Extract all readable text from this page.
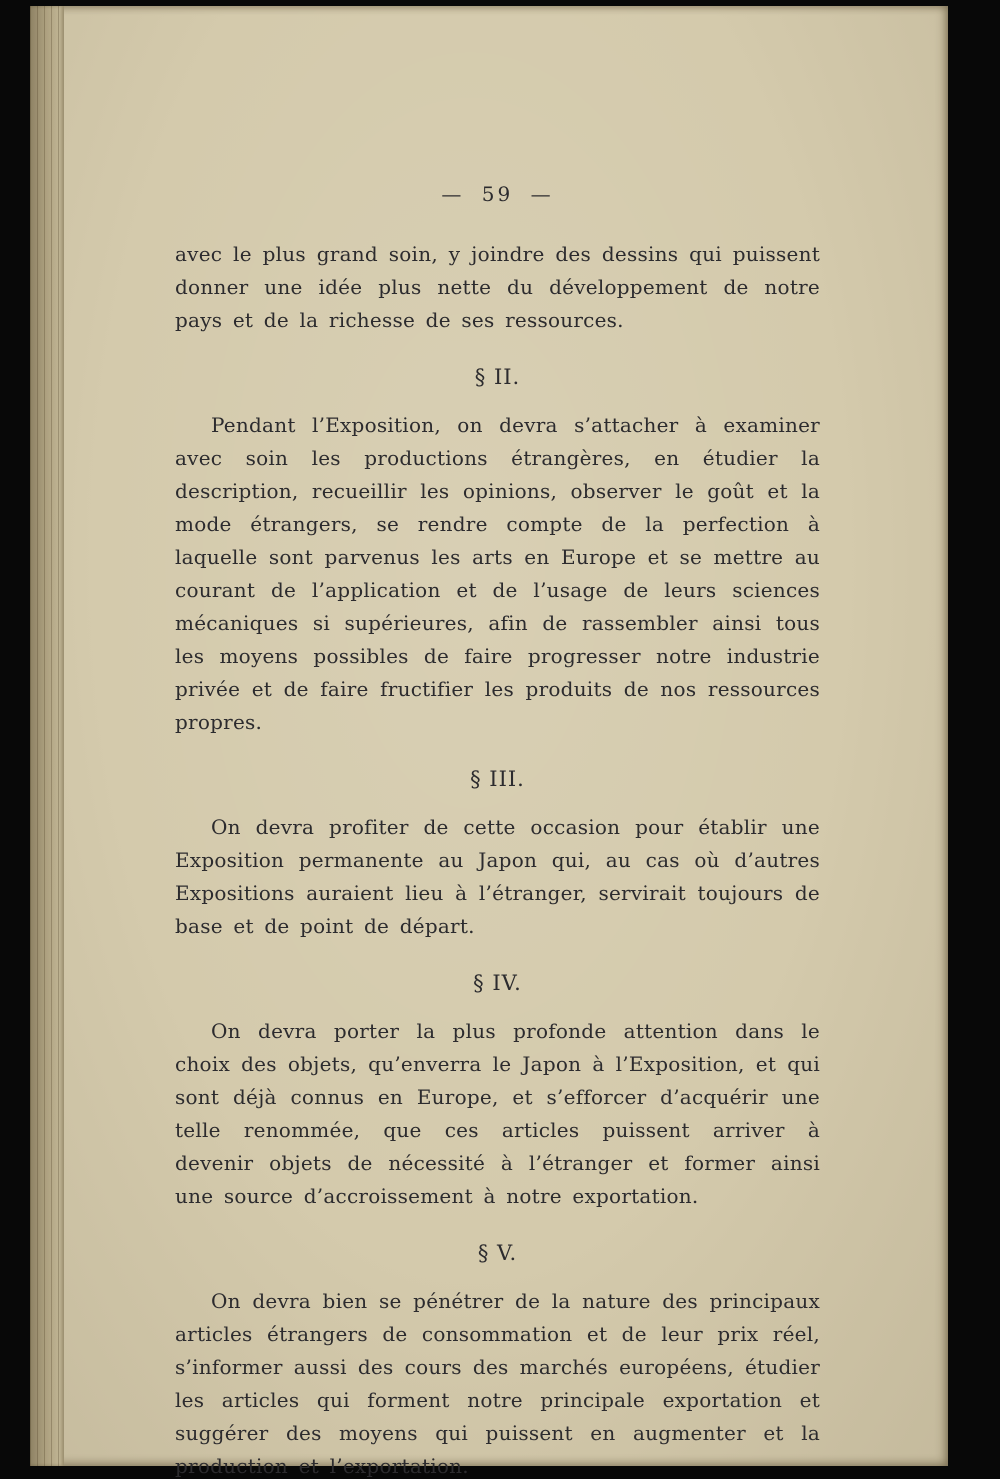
— 59 —

avec le plus grand soin, y joindre des dessins qui puissent donner une idée plus nette du développement de notre pays et de la richesse de ses ressources.

§ II.

Pendant l’Exposition, on devra s’attacher à examiner avec soin les productions étrangères, en étudier la description, recueillir les opinions, observer le goût et la mode étrangers, se rendre compte de la perfection à laquelle sont parvenus les arts en Europe et se mettre au courant de l’application et de l’usage de leurs sciences mécaniques si supérieures, afin de rassembler ainsi tous les moyens possibles de faire progresser notre industrie privée et de faire fructifier les produits de nos ressources propres.

§ III.

On devra profiter de cette occasion pour établir une Exposition permanente au Japon qui, au cas où d’autres Expositions auraient lieu à l’étranger, servirait toujours de base et de point de départ.

§ IV.

On devra porter la plus profonde attention dans le choix des objets, qu’enverra le Japon à l’Exposition, et qui sont déjà connus en Europe, et s’efforcer d’acquérir une telle renommée, que ces articles puissent arriver à devenir objets de nécessité à l’étranger et former ainsi une source d’accroissement à notre exportation.

§ V.

On devra bien se pénétrer de la nature des principaux articles étrangers de consommation et de leur prix réel, s’informer aussi des cours des marchés européens, étudier les articles qui forment notre principale exportation et suggérer des moyens qui puissent en augmenter et la production et l’exportation.
